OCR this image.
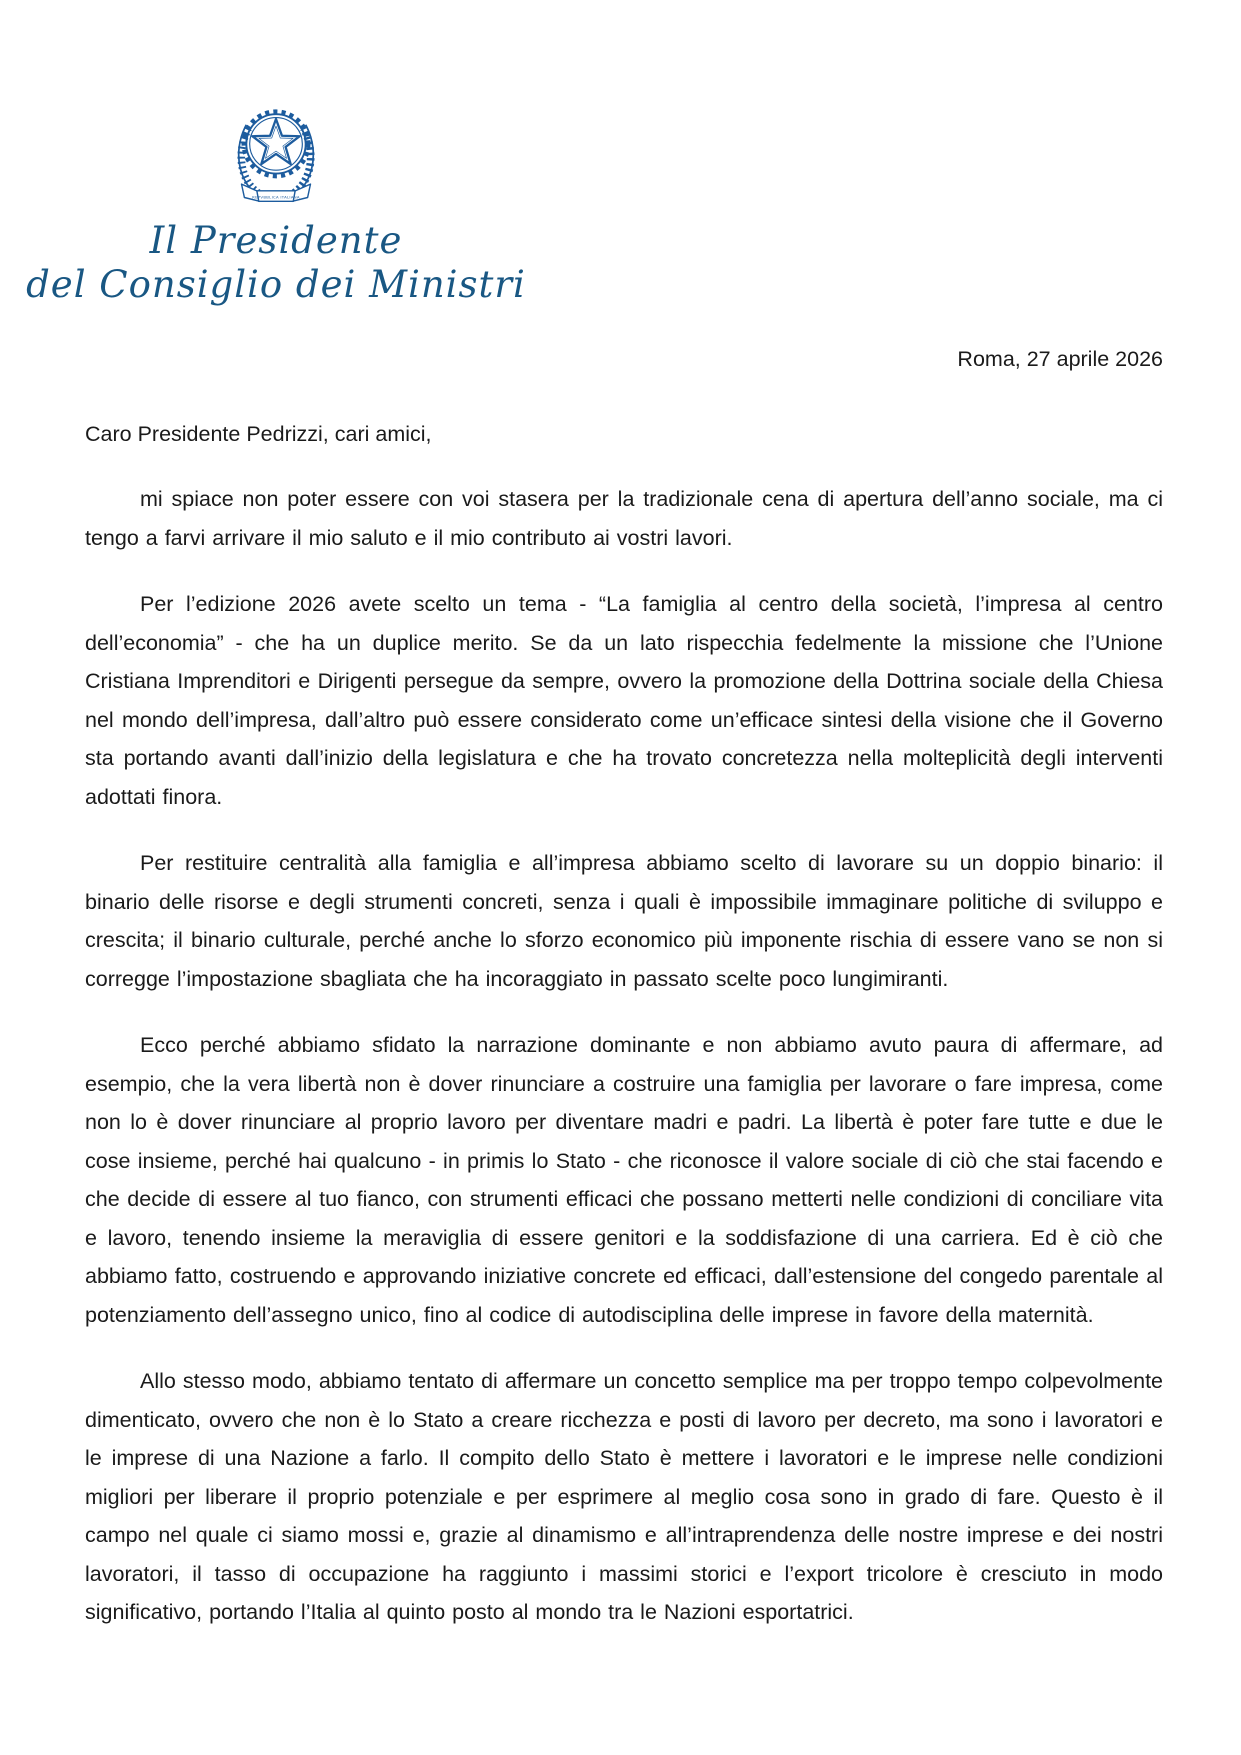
REPVBBLICA ITALIANA
Il Presidente
del Consiglio dei Ministri

Roma, 27 aprile 2026

Caro Presidente Pedrizzi, cari amici,

mi spiace non poter essere con voi stasera per la tradizionale cena di apertura dell’anno sociale, ma ci tengo a farvi arrivare il mio saluto e il mio contributo ai vostri lavori.

Per l’edizione 2026 avete scelto un tema - “La famiglia al centro della società, l’impresa al centro dell’economia” - che ha un duplice merito. Se da un lato rispecchia fedelmente la missione che l’Unione Cristiana Imprenditori e Dirigenti persegue da sempre, ovvero la promozione della Dottrina sociale della Chiesa nel mondo dell’impresa, dall’altro può essere considerato come un’efficace sintesi della visione che il Governo sta portando avanti dall’inizio della legislatura e che ha trovato concretezza nella molteplicità degli interventi adottati finora.

Per restituire centralità alla famiglia e all’impresa abbiamo scelto di lavorare su un doppio binario: il binario delle risorse e degli strumenti concreti, senza i quali è impossibile immaginare politiche di sviluppo e crescita; il binario culturale, perché anche lo sforzo economico più imponente rischia di essere vano se non si corregge l’impostazione sbagliata che ha incoraggiato in passato scelte poco lungimiranti.

Ecco perché abbiamo sfidato la narrazione dominante e non abbiamo avuto paura di affermare, ad esempio, che la vera libertà non è dover rinunciare a costruire una famiglia per lavorare o fare impresa, come non lo è dover rinunciare al proprio lavoro per diventare madri e padri. La libertà è poter fare tutte e due le cose insieme, perché hai qualcuno - in primis lo Stato - che riconosce il valore sociale di ciò che stai facendo e che decide di essere al tuo fianco, con strumenti efficaci che possano metterti nelle condizioni di conciliare vita e lavoro, tenendo insieme la meraviglia di essere genitori e la soddisfazione di una carriera. Ed è ciò che abbiamo fatto, costruendo e approvando iniziative concrete ed efficaci, dall’estensione del congedo parentale al potenziamento dell’assegno unico, fino al codice di autodisciplina delle imprese in favore della maternità.

Allo stesso modo, abbiamo tentato di affermare un concetto semplice ma per troppo tempo colpevolmente dimenticato, ovvero che non è lo Stato a creare ricchezza e posti di lavoro per decreto, ma sono i lavoratori e le imprese di una Nazione a farlo. Il compito dello Stato è mettere i lavoratori e le imprese nelle condizioni migliori per liberare il proprio potenziale e per esprimere al meglio cosa sono in grado di fare. Questo è il campo nel quale ci siamo mossi e, grazie al dinamismo e all’intraprendenza delle nostre imprese e dei nostri lavoratori, il tasso di occupazione ha raggiunto i massimi storici e l’export tricolore è cresciuto in modo significativo, portando l’Italia al quinto posto al mondo tra le Nazioni esportatrici.
